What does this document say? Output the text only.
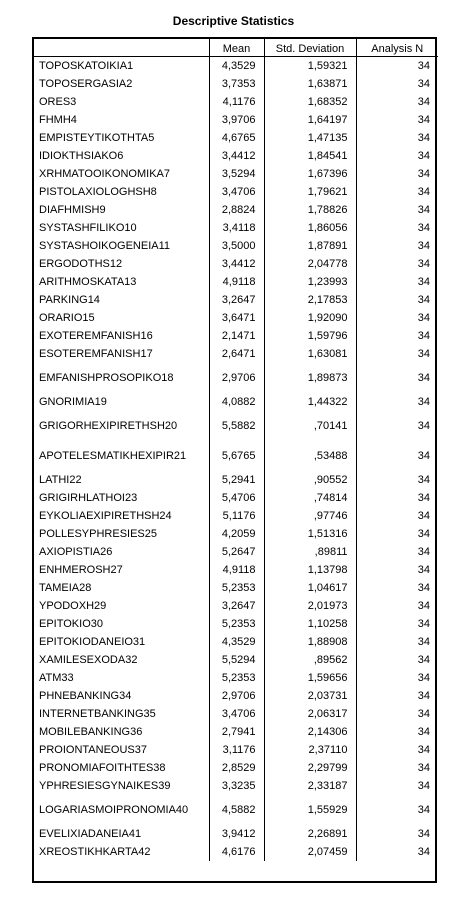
Descriptive Statistics
	Mean	Std. Deviation	Analysis N
TOPOSKATOIKIA1	4,3529	1,59321	34
TOPOSERGASIA2	3,7353	1,63871	34
ORES3	4,1176	1,68352	34
FHMH4	3,9706	1,64197	34
EMPISTEYTIKOTHTA5	4,6765	1,47135	34
IDIOKTHSIAKO6	3,4412	1,84541	34
XRHMATOOIKONOMIKA7	3,5294	1,67396	34
PISTOLAXIOLOGHSH8	3,4706	1,79621	34
DIAFHMISH9	2,8824	1,78826	34
SYSTASHFILIKO10	3,4118	1,86056	34
SYSTASHOIKOGENEIA11	3,5000	1,87891	34
ERGODOTHS12	3,4412	2,04778	34
ARITHMOSKATA13	4,9118	1,23993	34
PARKING14	3,2647	2,17853	34
ORARIO15	3,6471	1,92090	34
EXOTEREMFANISH16	2,1471	1,59796	34
ESOTEREMFANISH17	2,6471	1,63081	34
EMFANISHPROSOPIKO18	2,9706	1,89873	34
GNORIMIA19	4,0882	1,44322	34
GRIGORHEXIPIRETHSH20	5,5882	,70141	34
APOTELESMATIKHEXIPIR21	5,6765	,53488	34
LATHI22	5,2941	,90552	34
GRIGIRHLATHOI23	5,4706	,74814	34
EYKOLIAEXIPIRETHSH24	5,1176	,97746	34
POLLESYPHRESIES25	4,2059	1,51316	34
AXIOPISTIA26	5,2647	,89811	34
ENHMEROSH27	4,9118	1,13798	34
TAMEIA28	5,2353	1,04617	34
YPODOXH29	3,2647	2,01973	34
EPITOKIO30	5,2353	1,10258	34
EPITOKIODANEIO31	4,3529	1,88908	34
XAMILESEXODA32	5,5294	,89562	34
ATM33	5,2353	1,59656	34
PHNEBANKING34	2,9706	2,03731	34
INTERNETBANKING35	3,4706	2,06317	34
MOBILEBANKING36	2,7941	2,14306	34
PROIONTANEOUS37	3,1176	2,37110	34
PRONOMIAFOITHTES38	2,8529	2,29799	34
YPHRESIESGYNAIKES39	3,3235	2,33187	34
LOGARIASMOIPRONOMIA40	4,5882	1,55929	34
EVELIXIADANEIA41	3,9412	2,26891	34
XREOSTIKHKARTA42	4,6176	2,07459	34
